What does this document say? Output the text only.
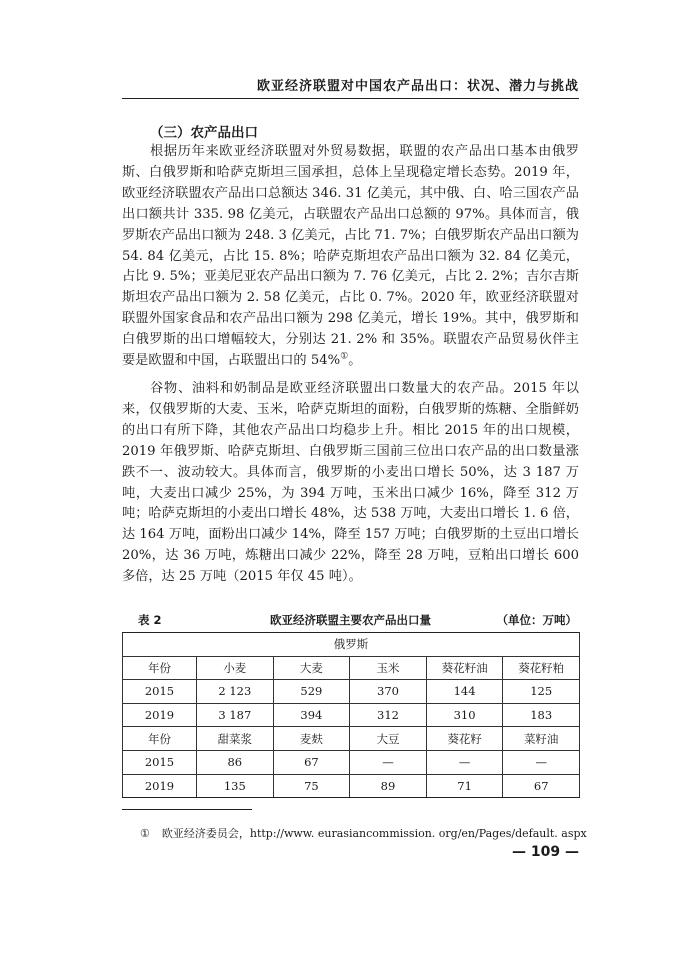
欧亚经济联盟对中国农产品出口：状况、潜力与挑战
（三）农产品出口

根据历年来欧亚经济联盟对外贸易数据，联盟的农产品出口基本由俄罗斯、白俄罗斯和哈萨克斯坦三国承担，总体上呈现稳定增长态势。2019 年，欧亚经济联盟农产品出口总额达 346. 31 亿美元，其中俄、白、哈三国农产品出口额共计 335. 98 亿美元，占联盟农产品出口总额的 97%。具体而言，俄罗斯农产品出口额为 248. 3 亿美元，占比 71. 7%；白俄罗斯农产品出口额为 54. 84 亿美元，占比 15. 8%；哈萨克斯坦农产品出口额为 32. 84 亿美元，占比 9. 5%；亚美尼亚农产品出口额为 7. 76 亿美元，占比 2. 2%；吉尔吉斯斯坦农产品出口额为 2. 58 亿美元，占比 0. 7%。2020 年，欧亚经济联盟对联盟外国家食品和农产品出口额为 298 亿美元，增长 19%。其中，俄罗斯和白俄罗斯的出口增幅较大，分别达 21. 2% 和 35%。联盟农产品贸易伙伴主要是欧盟和中国，占联盟出口的 54%①。

谷物、油料和奶制品是欧亚经济联盟出口数量大的农产品。2015 年以来，仅俄罗斯的大麦、玉米，哈萨克斯坦的面粉，白俄罗斯的炼糖、全脂鲜奶的出口有所下降，其他农产品出口均稳步上升。相比 2015 年的出口规模，2019 年俄罗斯、哈萨克斯坦、白俄罗斯三国前三位出口农产品的出口数量涨跌不一、波动较大。具体而言，俄罗斯的小麦出口增长 50%，达 3 187 万吨，大麦出口减少 25%，为 394 万吨，玉米出口减少 16%，降至 312 万吨；哈萨克斯坦的小麦出口增长 48%，达 538 万吨，大麦出口增长 1. 6 倍，达 164 万吨，面粉出口减少 14%，降至 157 万吨；白俄罗斯的土豆出口增长 20%，达 36 万吨，炼糖出口减少 22%，降至 28 万吨，豆粕出口增长 600 多倍，达 25 万吨（2015 年仅 45 吨）。

欧亚经济联盟主要农产品出口量
表 2	（单位：万吨）
俄罗斯					
年份	小麦	大麦	玉米	葵花籽油	葵花籽粕
2015	2 123	529	370	144	125
2019	3 187	394	312	310	183
年份	甜菜浆	麦麸	大豆	葵花籽	菜籽油
2015	86	67	—	—	—
2019	135	75	89	71	67
① 欧亚经济委员会，http://www. eurasiancommission. org/en/Pages/default. aspx
— 109 —
